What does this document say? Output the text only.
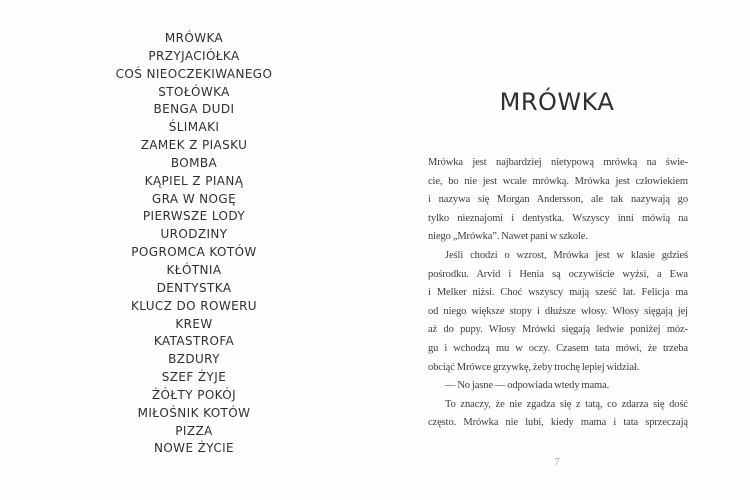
MRÓWKA
PRZYJACIÓŁKA
COŚ NIEOCZEKIWANEGO
STOŁÓWKA
BENGA DUDI
ŚLIMAKI
ZAMEK Z PIASKU
BOMBA
KĄPIEL Z PIANĄ
GRA W NOGĘ
PIERWSZE LODY
URODZINY
POGROMCA KOTÓW
KŁÓTNIA
DENTYSTKA
KLUCZ DO ROWERU
KREW
KATASTROFA
BZDURY
SZEF ŻYJE
ŻÓŁTY POKÓJ
MIŁOŚNIK KOTÓW
PIZZA
NOWE ŻYCIE
MRÓWKA
Mrówka jest najbardziej nietypową mrówką na świe-
cie, bo nie jest wcale mrówką. Mrówka jest człowiekiem
i nazywa się Morgan Andersson, ale tak nazywają go
tylko nieznajomi i dentystka. Wszyscy inni mówią na
niego „Mrówka”. Nawet pani w szkole.
Jeśli chodzi o wzrost, Mrówka jest w klasie gdzieś
pośrodku. Arvid i Henia są oczywiście wyżsi, a Ewa
i Melker niżsi. Choć wszyscy mają sześć lat. Felicja ma
od niego większe stopy i dłuższe włosy. Włosy sięgają jej
aż do pupy. Włosy Mrówki sięgają ledwie poniżej móz-
gu i wchodzą mu w oczy. Czasem tata mówi, że trzeba
obciąć Mrówce grzywkę, żeby trochę lepiej widział.
— No jasne — odpowiada wtedy mama.
To znaczy, że nie zgadza się z tatą, co zdarza się dość
często. Mrówka nie lubi, kiedy mama i tata sprzeczają
7
